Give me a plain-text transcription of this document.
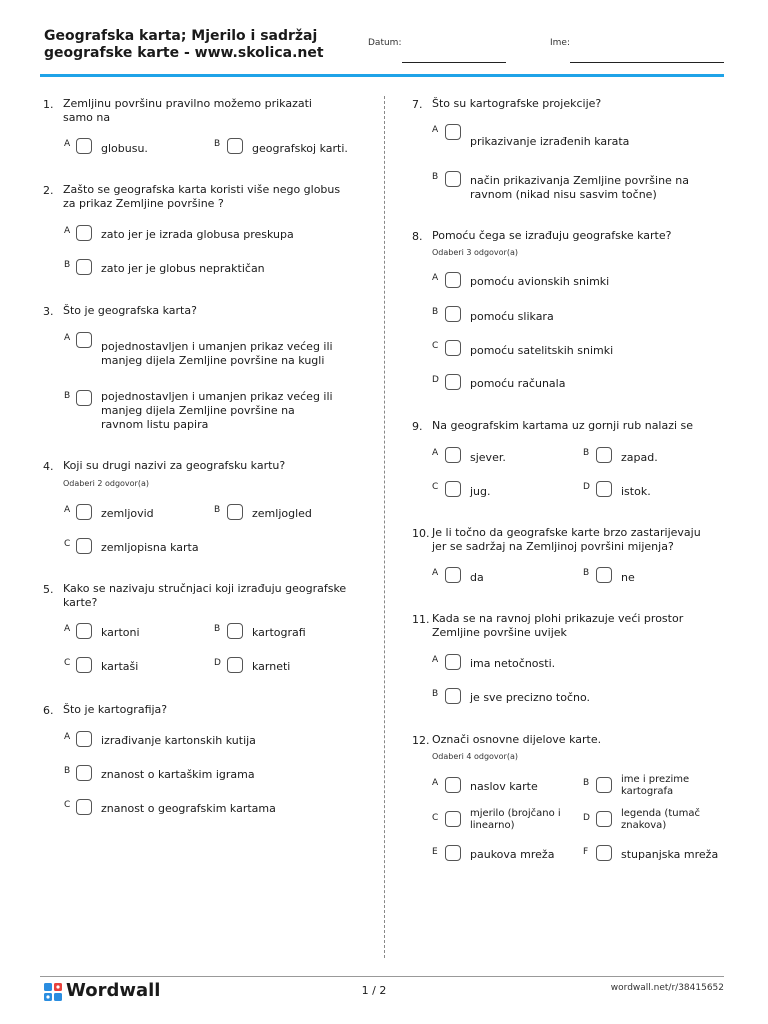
Geografska karta; Mjerilo i sadržaj
geografske karte - www.skolica.net
Datum:	Ime:
1. Zemljinu površinu pravilno možemo prikazati
samo na
A	globusu.	B	geografskoj karti.
2. Zašto se geografska karta koristi više nego globus
za prikaz Zemljine površine ?
A	zato jer je izrada globusa preskupa
B	zato jer je globus nepraktičan
3. Što je geografska karta?
A
pojednostavljen i umanjen prikaz većeg ili
manjeg dijela Zemljine površine na kugli
B	pojednostavljen i umanjen prikaz većeg ili
manjeg dijela Zemljine površine na
ravnom listu papira
4. Koji su drugi nazivi za geografsku kartu?
Odaberi 2 odgovor(a)
A	zemljovid	B	zemljogled
C	zemljopisna karta
5. Kako se nazivaju stručnjaci koji izrađuju geografske
karte?
A	kartoni	B	kartografi
C	kartaši	D	karneti
6. Što je kartografija?
A	izrađivanje kartonskih kutija
B	znanost o kartaškim igrama
C	znanost o geografskim kartama
7. Što su kartografske projekcije?
A
prikazivanje izrađenih karata
B	način prikazivanja Zemljine površine na
ravnom (nikad nisu sasvim točne)
8. Pomoću čega se izrađuju geografske karte?
Odaberi 3 odgovor(a)
A	pomoću avionskih snimki
B	pomoću slikara
C	pomoću satelitskih snimki
D	pomoću računala
9. Na geografskim kartama uz gornji rub nalazi se
A	sjever.	B	zapad.
C	jug.	D	istok.
10. Je li točno da geografske karte brzo zastarijevaju
jer se sadržaj na Zemljinoj površini mijenja?
A	da	B	ne
11. Kada se na ravnoj plohi prikazuje veći prostor
Zemljine površine uvijek
A	ima netočnosti.
B	je sve precizno točno.
12. Označi osnovne dijelove karte.
Odaberi 4 odgovor(a)
A	naslov karte	B	ime i prezime
kartografa
C	mjerilo (brojčano i
linearno)
D	legenda (tumač
znakova)
E	paukova mreža	F	stupanjska mreža
Wordwall	1 / 2	wordwall.net/r/38415652
